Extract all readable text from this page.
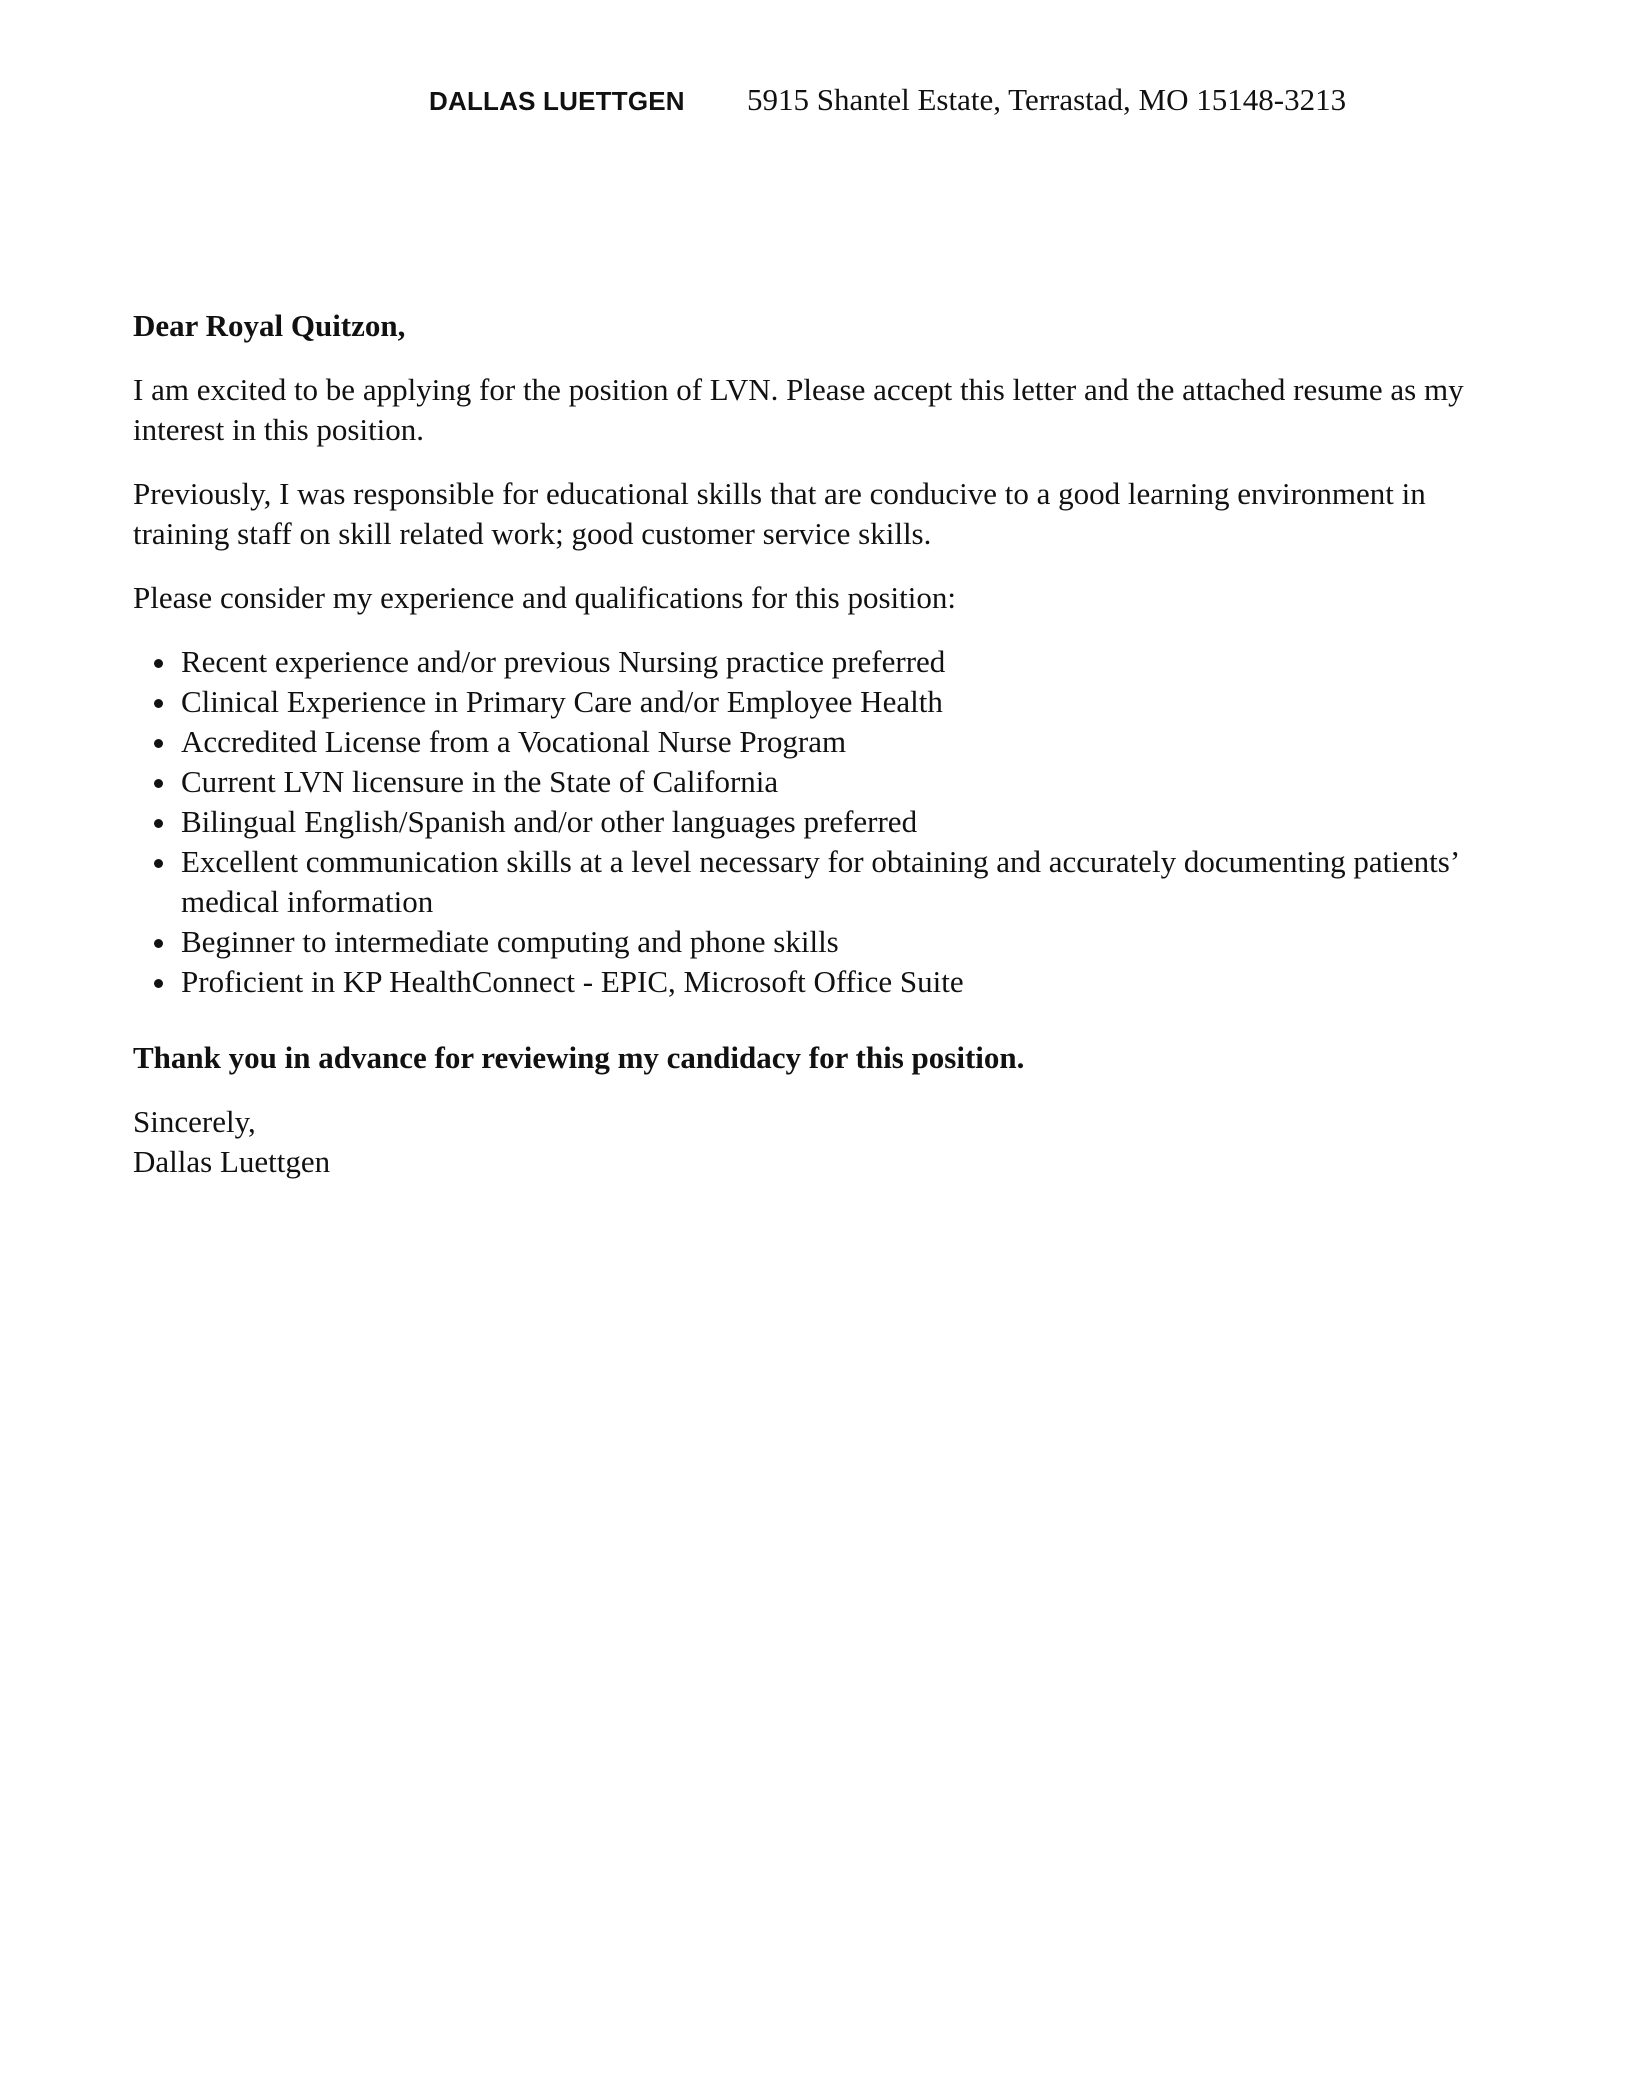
DALLAS LUETTGEN 5915 Shantel Estate, Terrastad, MO 15148-3213

Dear Royal Quitzon,

I am excited to be applying for the position of LVN. Please accept this letter and the attached resume as my interest in this position.

Previously, I was responsible for educational skills that are conducive to a good learning environment in training staff on skill related work; good customer service skills.

Please consider my experience and qualifications for this position:

Recent experience and/or previous Nursing practice preferred
Clinical Experience in Primary Care and/or Employee Health
Accredited License from a Vocational Nurse Program
Current LVN licensure in the State of California
Bilingual English/Spanish and/or other languages preferred
Excellent communication skills at a level necessary for obtaining and accurately documenting patients’ medical information
Beginner to intermediate computing and phone skills
Proficient in KP HealthConnect - EPIC, Microsoft Office Suite

Thank you in advance for reviewing my candidacy for this position.

Sincerely,

Dallas Luettgen
